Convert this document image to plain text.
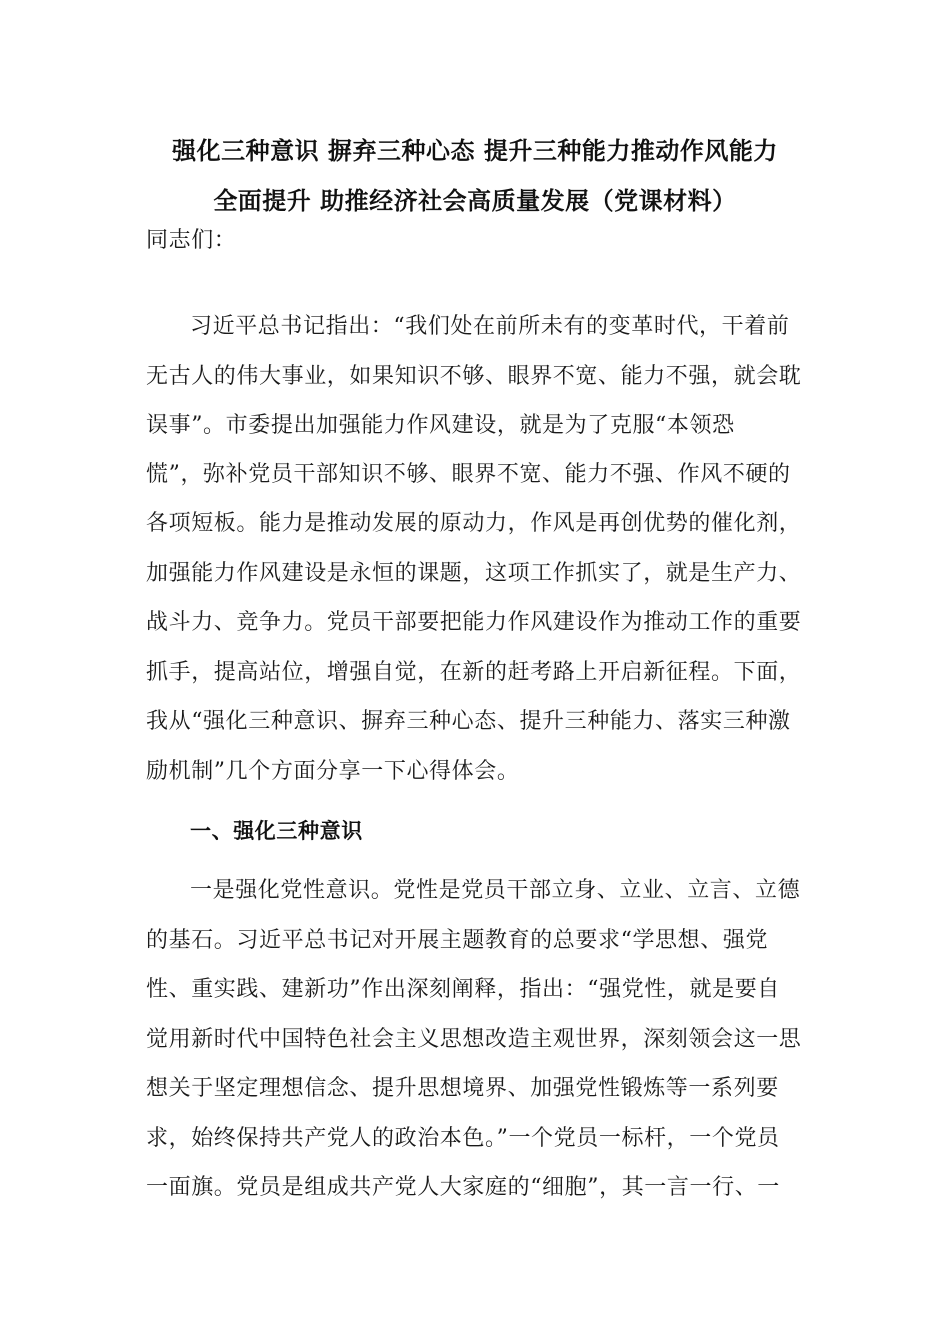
强化三种意识 摒弃三种心态 提升三种能力推动作风能力
全面提升 助推经济社会高质量发展（党课材料）
同志们：
习近平总书记指出：“我们处在前所未有的变革时代，干着前
无古人的伟大事业，如果知识不够、眼界不宽、能力不强，就会耽
误事”。市委提出加强能力作风建设，就是为了克服“本领恐
慌”，弥补党员干部知识不够、眼界不宽、能力不强、作风不硬的
各项短板。能力是推动发展的原动力，作风是再创优势的催化剂，
加强能力作风建设是永恒的课题，这项工作抓实了，就是生产力、
战斗力、竞争力。党员干部要把能力作风建设作为推动工作的重要
抓手，提高站位，增强自觉，在新的赶考路上开启新征程。下面，
我从“强化三种意识、摒弃三种心态、提升三种能力、落实三种激
励机制”几个方面分享一下心得体会。
一、强化三种意识
一是强化党性意识。党性是党员干部立身、立业、立言、立德
的基石。习近平总书记对开展主题教育的总要求“学思想、强党
性、重实践、建新功”作出深刻阐释，指出：“强党性，就是要自
觉用新时代中国特色社会主义思想改造主观世界，深刻领会这一思
想关于坚定理想信念、提升思想境界、加强党性锻炼等一系列要
求，始终保持共产党人的政治本色。”一个党员一标杆，一个党员
一面旗。党员是组成共产党人大家庭的“细胞”，其一言一行、一
